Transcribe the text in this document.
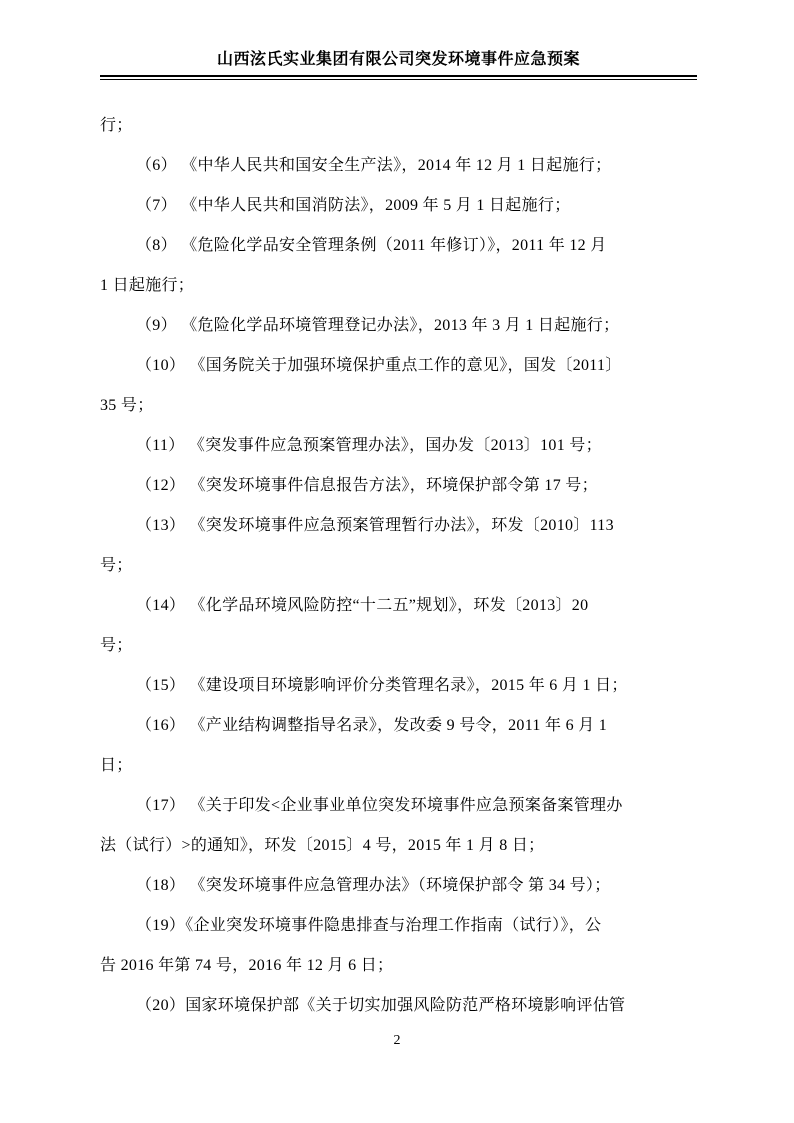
山西泫氏实业集团有限公司突发环境事件应急预案
行；
（6） 《中华人民共和国安全生产法》，2014 年 12 月 1 日起施行；
（7） 《中华人民共和国消防法》，2009 年 5 月 1 日起施行；
（8） 《危险化学品安全管理条例（2011 年修订）》，2011 年 12 月
1 日起施行；
（9） 《危险化学品环境管理登记办法》，2013 年 3 月 1 日起施行；
（10） 《国务院关于加强环境保护重点工作的意见》，国发〔2011〕
35 号；
（11） 《突发事件应急预案管理办法》，国办发〔2013〕101 号；
（12） 《突发环境事件信息报告方法》，环境保护部令第 17 号；
（13） 《突发环境事件应急预案管理暂行办法》，环发〔2010〕113
号；
（14） 《化学品环境风险防控“十二五”规划》，环发〔2013〕20
号；
（15） 《建设项目环境影响评价分类管理名录》，2015 年 6 月 1 日；
（16） 《产业结构调整指导名录》，发改委 9 号令，2011 年 6 月 1
日；
（17） 《关于印发<企业事业单位突发环境事件应急预案备案管理办
法（试行）>的通知》，环发〔2015〕4 号，2015 年 1 月 8 日；
（18） 《突发环境事件应急管理办法》（环境保护部令 第 34 号）；
（19）《企业突发环境事件隐患排查与治理工作指南（试行）》，公
告 2016 年第 74 号，2016 年 12 月 6 日；
（20）国家环境保护部《关于切实加强风险防范严格环境影响评估管
2
